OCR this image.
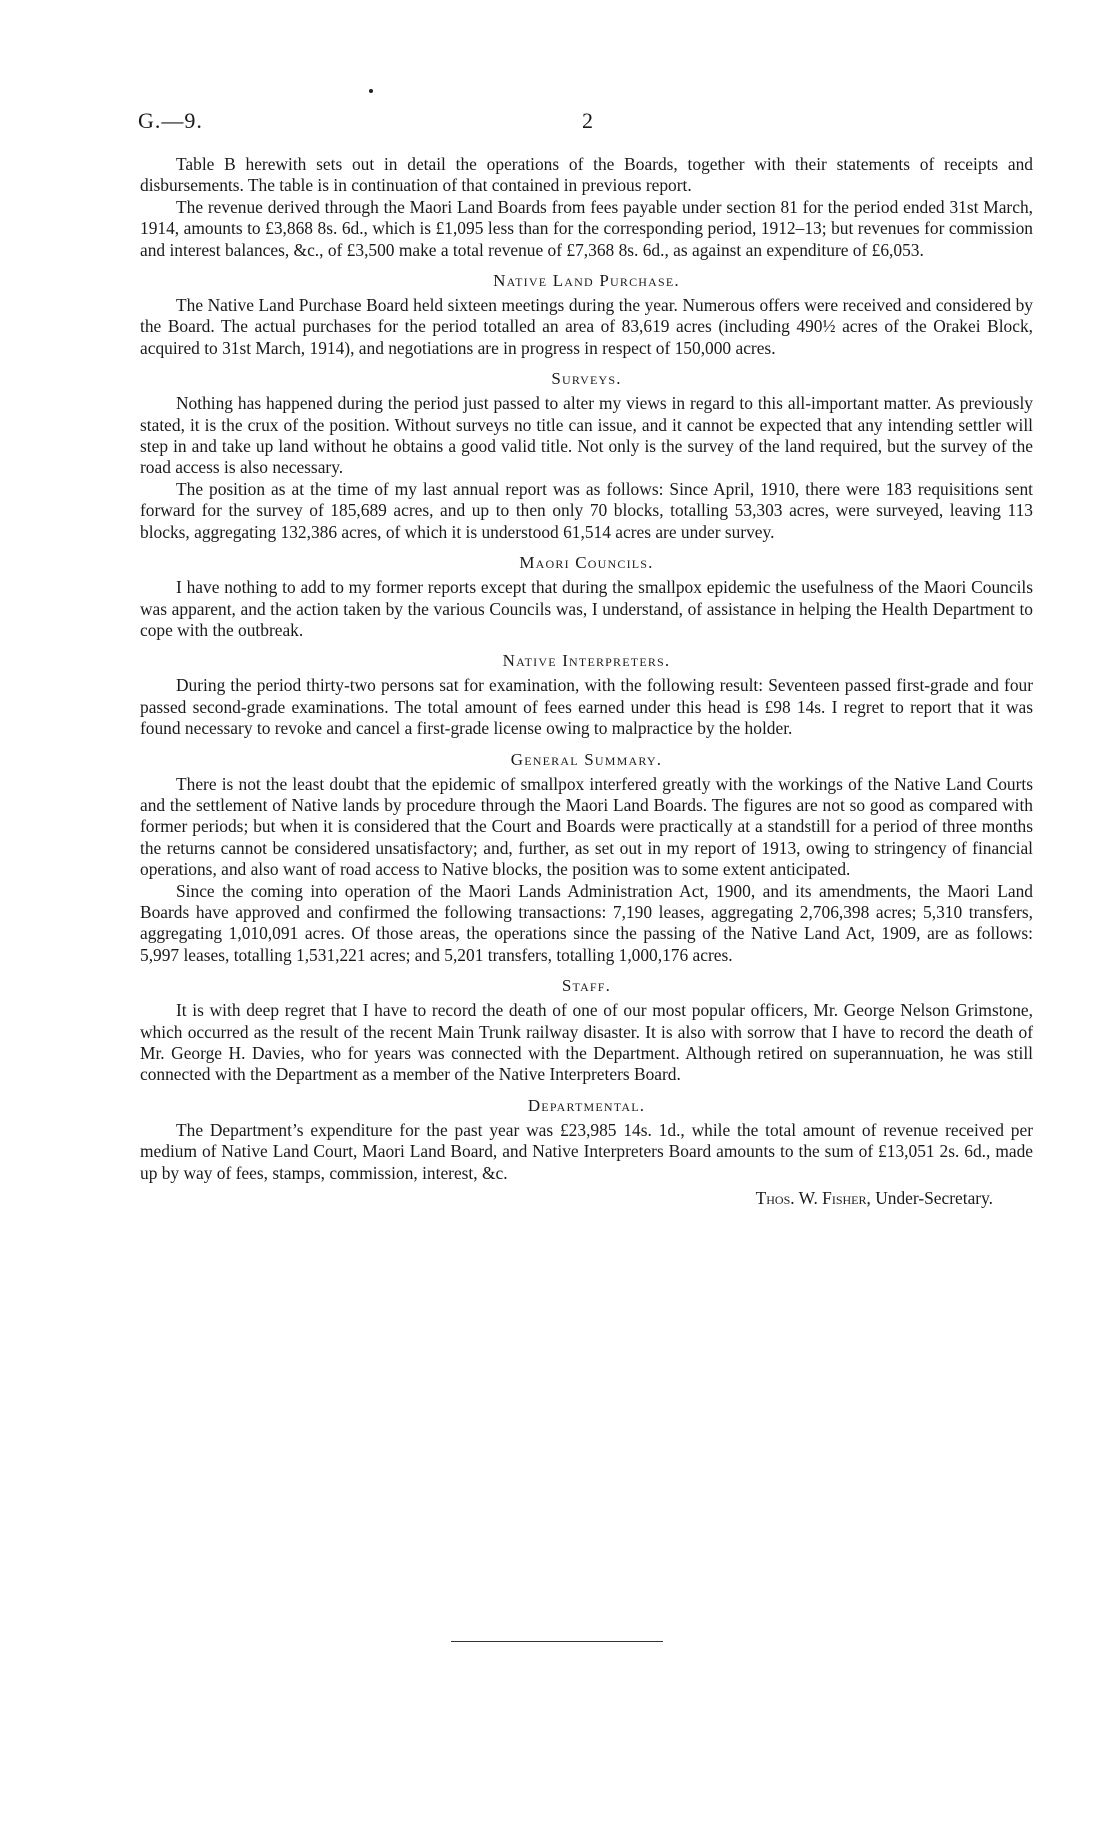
G.—9.	2

Table B herewith sets out in detail the operations of the Boards, together with their statements of receipts and disbursements. The table is in continuation of that contained in previous report.

The revenue derived through the Maori Land Boards from fees payable under section 81 for the period ended 31st March, 1914, amounts to £3,868 8s. 6d., which is £1,095 less than for the corresponding period, 1912–13; but revenues for commission and interest balances, &c., of £3,500 make a total revenue of £7,368 8s. 6d., as against an expenditure of £6,053.

Native Land Purchase.

The Native Land Purchase Board held sixteen meetings during the year. Numerous offers were received and considered by the Board. The actual purchases for the period totalled an area of 83,619 acres (including 490½ acres of the Orakei Block, acquired to 31st March, 1914), and negotiations are in progress in respect of 150,000 acres.

Surveys.

Nothing has happened during the period just passed to alter my views in regard to this all-important matter. As previously stated, it is the crux of the position. Without surveys no title can issue, and it cannot be expected that any intending settler will step in and take up land without he obtains a good valid title. Not only is the survey of the land required, but the survey of the road access is also necessary.

The position as at the time of my last annual report was as follows: Since April, 1910, there were 183 requisitions sent forward for the survey of 185,689 acres, and up to then only 70 blocks, totalling 53,303 acres, were surveyed, leaving 113 blocks, aggregating 132,386 acres, of which it is understood 61,514 acres are under survey.

Maori Councils.

I have nothing to add to my former reports except that during the smallpox epidemic the usefulness of the Maori Councils was apparent, and the action taken by the various Councils was, I understand, of assistance in helping the Health Department to cope with the outbreak.

Native Interpreters.

During the period thirty-two persons sat for examination, with the following result: Seventeen passed first-grade and four passed second-grade examinations. The total amount of fees earned under this head is £98 14s. I regret to report that it was found necessary to revoke and cancel a first-grade license owing to malpractice by the holder.

General Summary.

There is not the least doubt that the epidemic of smallpox interfered greatly with the workings of the Native Land Courts and the settlement of Native lands by procedure through the Maori Land Boards. The figures are not so good as compared with former periods; but when it is considered that the Court and Boards were practically at a standstill for a period of three months the returns cannot be considered unsatisfactory; and, further, as set out in my report of 1913, owing to stringency of financial operations, and also want of road access to Native blocks, the position was to some extent anticipated.

Since the coming into operation of the Maori Lands Administration Act, 1900, and its amendments, the Maori Land Boards have approved and confirmed the following transactions: 7,190 leases, aggregating 2,706,398 acres; 5,310 transfers, aggregating 1,010,091 acres. Of those areas, the operations since the passing of the Native Land Act, 1909, are as follows: 5,997 leases, totalling 1,531,221 acres; and 5,201 transfers, totalling 1,000,176 acres.

Staff.

It is with deep regret that I have to record the death of one of our most popular officers, Mr. George Nelson Grimstone, which occurred as the result of the recent Main Trunk railway disaster. It is also with sorrow that I have to record the death of Mr. George H. Davies, who for years was connected with the Department. Although retired on superannuation, he was still connected with the Department as a member of the Native Interpreters Board.

Departmental.

The Department’s expenditure for the past year was £23,985 14s. 1d., while the total amount of revenue received per medium of Native Land Court, Maori Land Board, and Native Interpreters Board amounts to the sum of £13,051 2s. 6d., made up by way of fees, stamps, commission, interest, &c.

Thos. W. Fisher, Under-Secretary.
